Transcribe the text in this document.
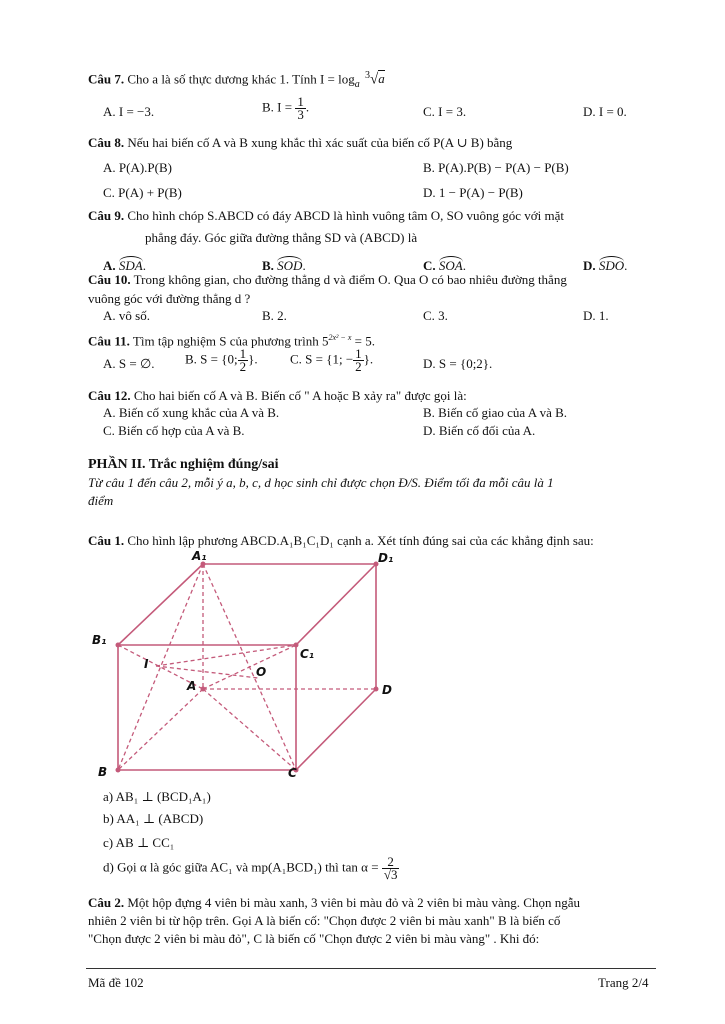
Câu 7. Cho a là số thực dương khác 1. Tính $I = \log_a ^3√a$
A. I = −3.	B. $I = \frac{1}{3}$ .	C. I = 3.	D. I = 0.
Câu 8. Nếu hai biến cố A và B xung khắc thì xác suất của biến cố P(A ∪ B) bằng
A. P(A).P(B)	B. P(A).P(B) − P(A) − P(B)
C. P(A) + P(B)	D. 1 − P(A) − P(B)
Câu 9. Cho hình chóp S.ABCD có đáy ABCD là hình vuông tâm O, SO vuông góc với mặt
phẳng đáy. Góc giữa đường thẳng SD và (ABCD) là
A. SDA.	B. SOD.	C. SOA.	D. SDO.
Câu 10. Trong không gian, cho đường thẳng d và điểm O. Qua O có bao nhiêu đường thẳng
vuông góc với đường thẳng d ?
A. vô số.	B. 2.	C. 3.	D. 1.
Câu 11. Tìm tập nghiệm S của phương trình $5^{2x^2 - x} = 5$.
A. S = ∅. B. S = {0; $\frac{1}{2}$ }. C. S = {1; − $\frac{1}{2}$ }.	D. S = {0;2}.
Câu 12. Cho hai biến cố A và B. Biến cố " A hoặc B xảy ra" được gọi là:
A. Biến cố xung khắc của A và B.	B. Biến cố giao của A và B.
C. Biến cố hợp của A và B.	D. Biến cố đối của A.
PHẦN II. Trắc nghiệm đúng/sai
Từ câu 1 đến câu 2, mỗi ý a, b, c, d học sinh chỉ được chọn Đ/S. Điểm tối đa mỗi câu là 1
điểm
Câu 1. Cho hình lập phương ABCD.A₁B₁C₁D₁ cạnh a. Xét tính đúng sai của các khẳng định sau:
A₁	D₁
B₁
C₁
I
A
O
D
B	C
a) AB₁ ⊥ (BCD₁A₁)
b) AA₁ ⊥ (ABCD)
c) AB ⊥ CC₁
d) Gọi α là góc giữa AC₁ và mp(A₁BCD₁) thì $\tan \alpha = \frac{2}{√3}$
Câu 2. Một hộp đựng 4 viên bi màu xanh, 3 viên bi màu đỏ và 2 viên bi màu vàng. Chọn ngẫu
nhiên 2 viên bi từ hộp trên. Gọi A là biến cố: "Chọn được 2 viên bi màu xanh" B là biến cố
"Chọn được 2 viên bi màu đỏ", C là biến cố "Chọn được 2 viên bi màu vàng" . Khi đó:
Mã đề 102	Trang 2/4
